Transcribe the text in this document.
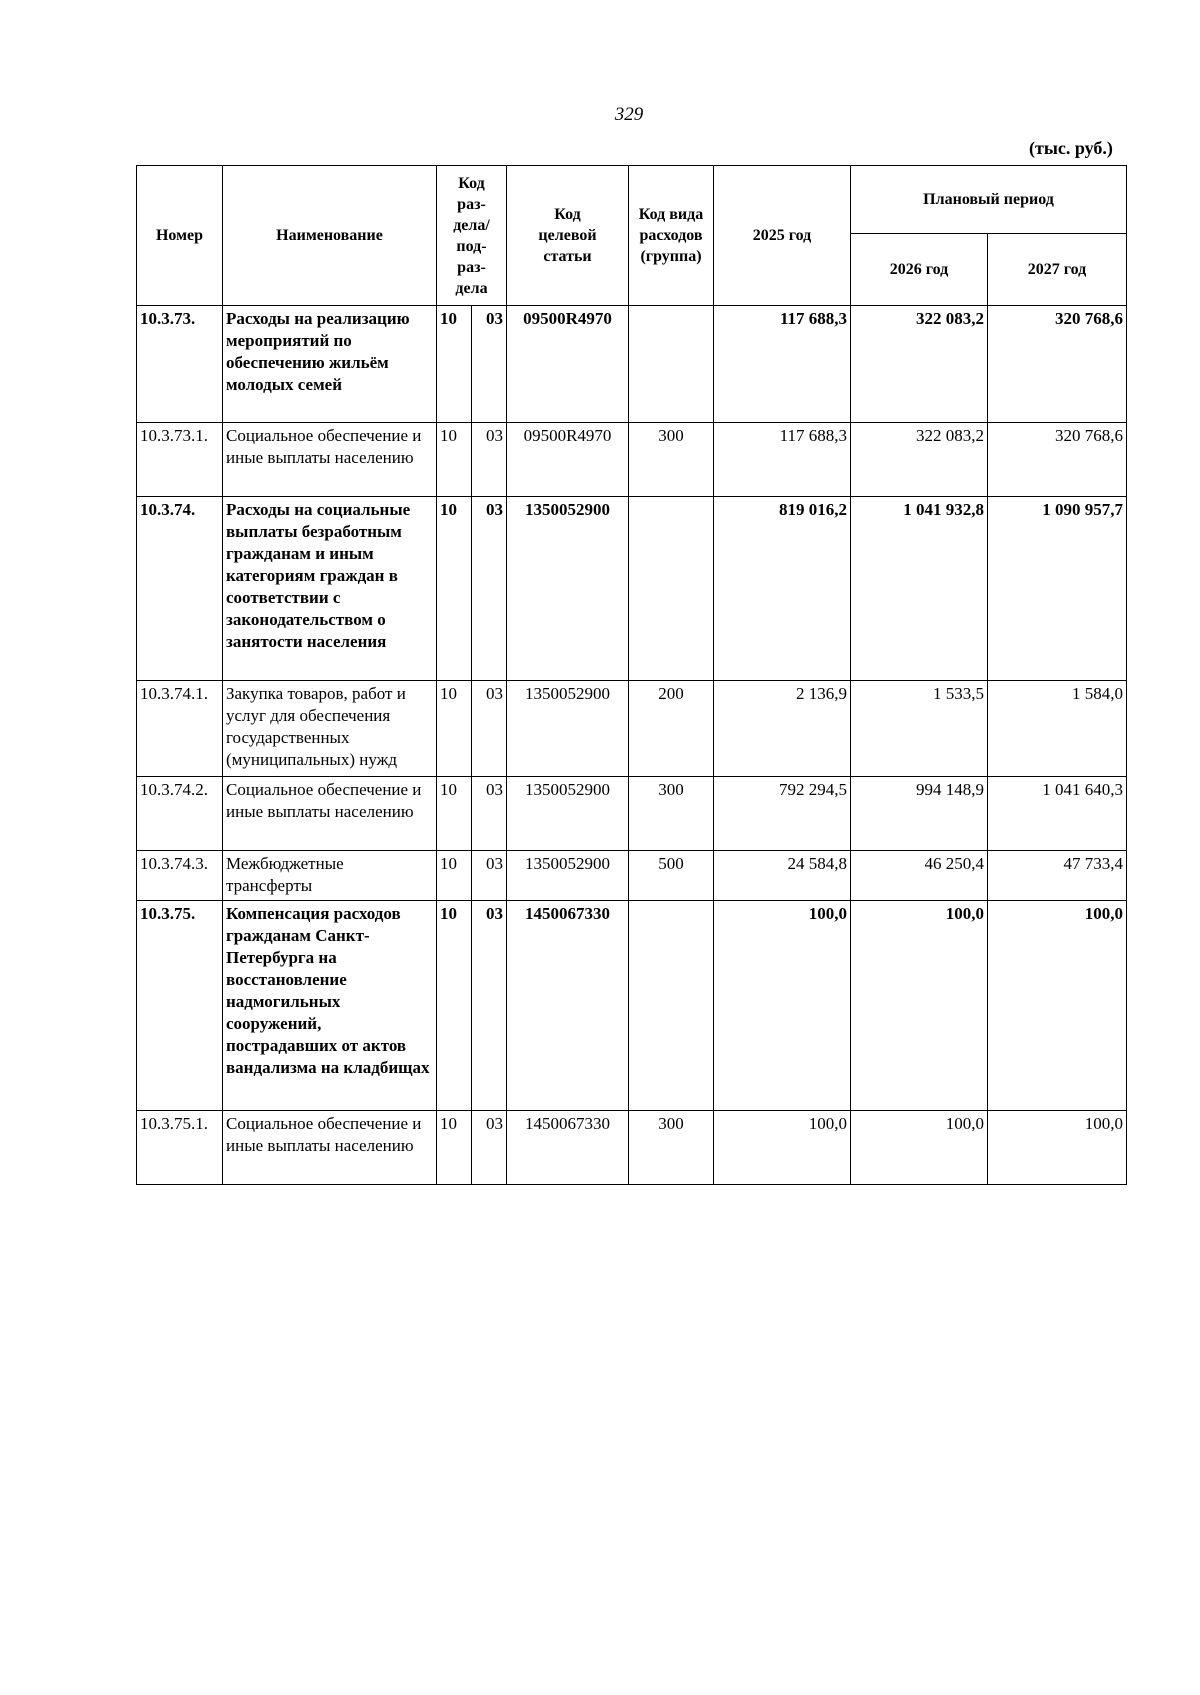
329
(тыс. руб.)
Номер	Наименование	Код раз-дела/ под-раз-дела		Код целевой статьи	Код вида расходов (группа)	2025 год	Плановый период	
							2026 год	2027 год
10.3.73.	Расходы на реализацию мероприятий по обеспечению жильём молодых семей	10	03	09500R4970		117 688,3	322 083,2	320 768,6
10.3.73.1.	Социальное обеспечение и иные выплаты населению	10	03	09500R4970	300	117 688,3	322 083,2	320 768,6
10.3.74.	Расходы на социальные выплаты безработным гражданам и иным категориям граждан в соответствии с законодательством о занятости населения	10	03	1350052900		819 016,2	1 041 932,8	1 090 957,7
10.3.74.1.	Закупка товаров, работ и услуг для обеспечения государственных (муниципальных) нужд	10	03	1350052900	200	2 136,9	1 533,5	1 584,0
10.3.74.2.	Социальное обеспечение и иные выплаты населению	10	03	1350052900	300	792 294,5	994 148,9	1 041 640,3
10.3.74.3.	Межбюджетные трансферты	10	03	1350052900	500	24 584,8	46 250,4	47 733,4
10.3.75.	Компенсация расходов гражданам Санкт-Петербурга на восстановление надмогильных сооружений, пострадавших от актов вандализма на кладбищах	10	03	1450067330		100,0	100,0	100,0
10.3.75.1.	Социальное обеспечение и иные выплаты населению	10	03	1450067330	300	100,0	100,0	100,0
